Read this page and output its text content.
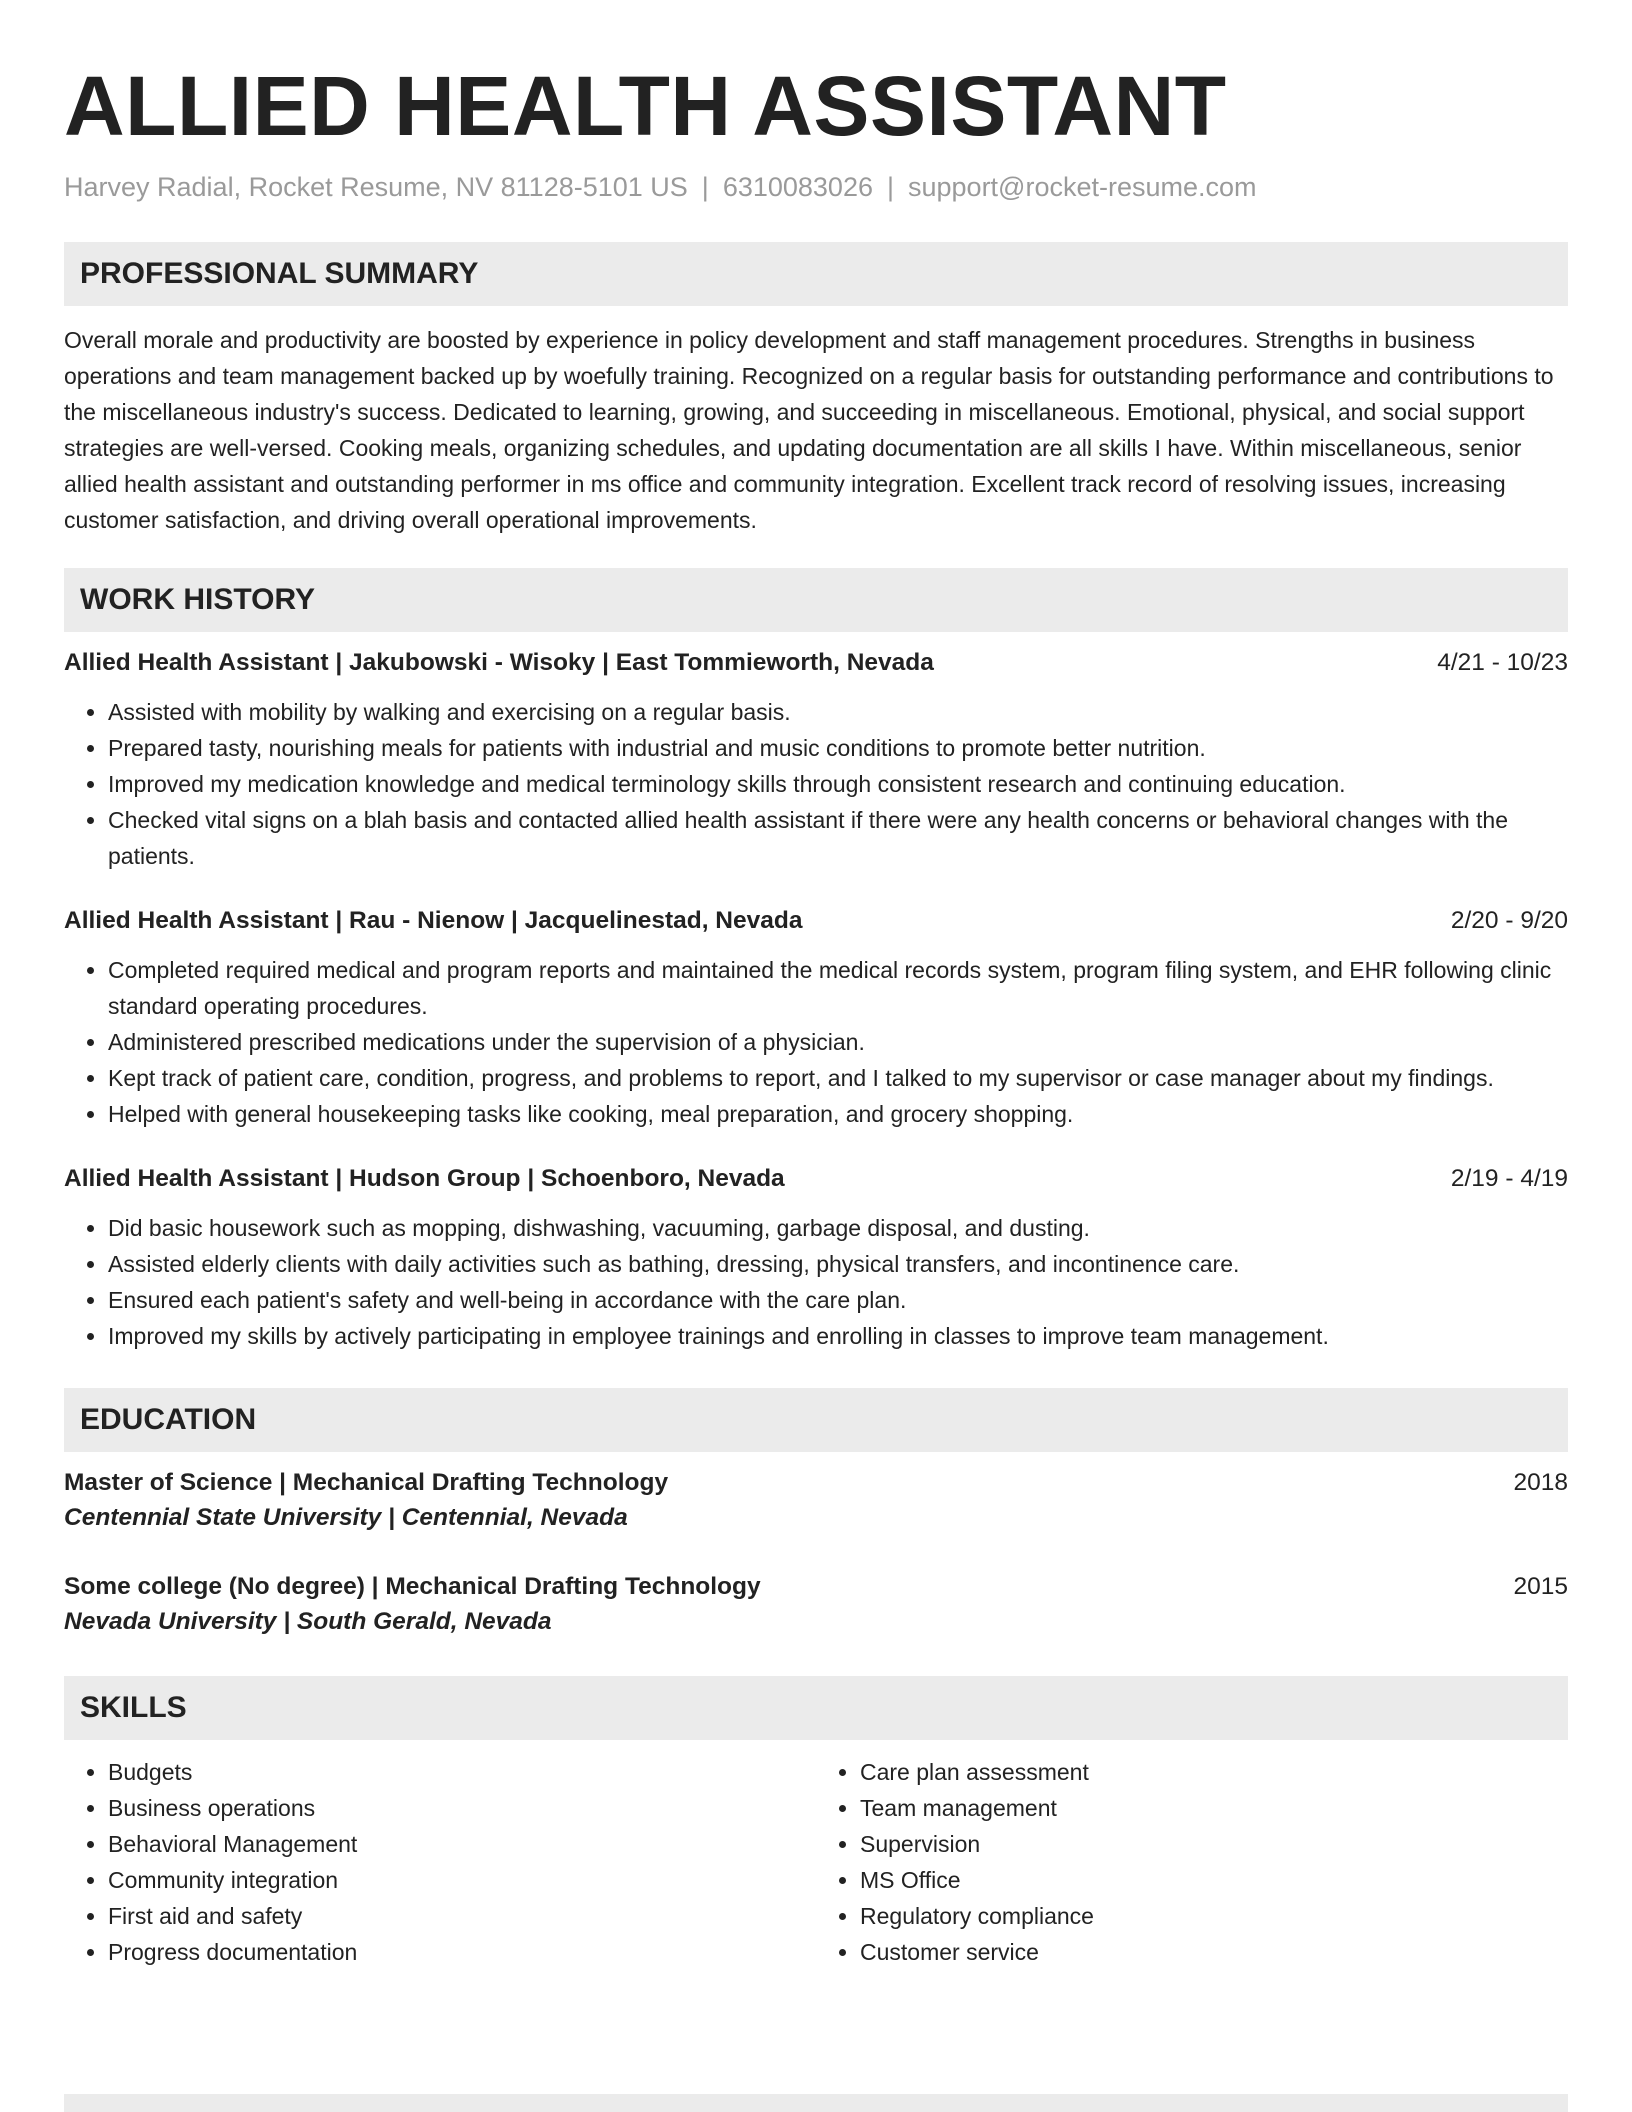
ALLIED HEALTH ASSISTANT
Harvey Radial, Rocket Resume, NV 81128-5101 US | 6310083026 | support@rocket-resume.com
PROFESSIONAL SUMMARY

Overall morale and productivity are boosted by experience in policy development and staff management procedures. Strengths in business operations and team management backed up by woefully training. Recognized on a regular basis for outstanding performance and contributions to the miscellaneous industry's success. Dedicated to learning, growing, and succeeding in miscellaneous. Emotional, physical, and social support strategies are well-versed. Cooking meals, organizing schedules, and updating documentation are all skills I have. Within miscellaneous, senior allied health assistant and outstanding performer in ms office and community integration. Excellent track record of resolving issues, increasing customer satisfaction, and driving overall operational improvements.

WORK HISTORY
Allied Health Assistant | Jakubowski - Wisoky | East Tommieworth, Nevada	4/21 - 10/23
• Assisted with mobility by walking and exercising on a regular basis.
• Prepared tasty, nourishing meals for patients with industrial and music conditions to promote better nutrition.
• Improved my medication knowledge and medical terminology skills through consistent research and continuing education.
• Checked vital signs on a blah basis and contacted allied health assistant if there were any health concerns or behavioral changes with the patients.
Allied Health Assistant | Rau - Nienow | Jacquelinestad, Nevada	2/20 - 9/20
• Completed required medical and program reports and maintained the medical records system, program filing system, and EHR following clinic standard operating procedures.
• Administered prescribed medications under the supervision of a physician.
• Kept track of patient care, condition, progress, and problems to report, and I talked to my supervisor or case manager about my findings.
• Helped with general housekeeping tasks like cooking, meal preparation, and grocery shopping.
Allied Health Assistant | Hudson Group | Schoenboro, Nevada	2/19 - 4/19
• Did basic housework such as mopping, dishwashing, vacuuming, garbage disposal, and dusting.
• Assisted elderly clients with daily activities such as bathing, dressing, physical transfers, and incontinence care.
• Ensured each patient's safety and well-being in accordance with the care plan.
• Improved my skills by actively participating in employee trainings and enrolling in classes to improve team management.
EDUCATION
Master of Science | Mechanical Drafting Technology	2018
Centennial State University | Centennial, Nevada
Some college (No degree) | Mechanical Drafting Technology	2015
Nevada University | South Gerald, Nevada
SKILLS
• Budgets
• Business operations
• Behavioral Management
• Community integration
• First aid and safety
• Progress documentation
• Care plan assessment
• Team management
• Supervision
• MS Office
• Regulatory compliance
• Customer service
